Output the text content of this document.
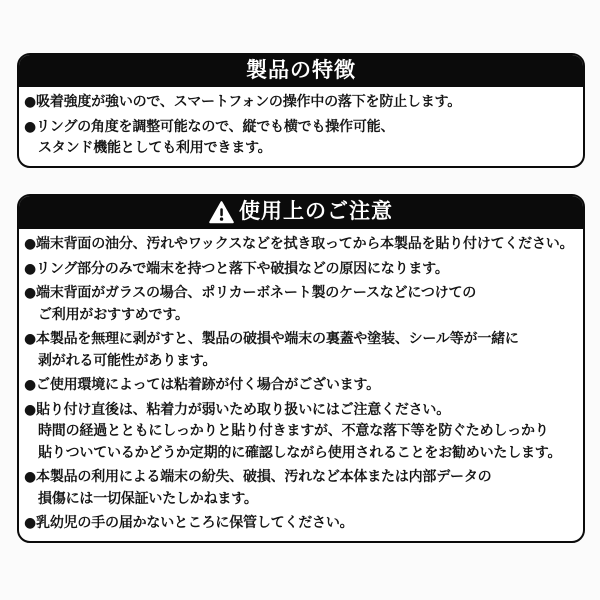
製品の特徴

●吸着強度が強いので、スマートフォンの操作中の落下を防止します。

●リングの角度を調整可能なので、縦でも横でも操作可能、

スタンド機能としても利用できます。

使用上のご注意

●端末背面の油分、汚れやワックスなどを拭き取ってから本製品を貼り付けてください。

●リング部分のみで端末を持つと落下や破損などの原因になります。

●端末背面がガラスの場合、ポリカーボネート製のケースなどにつけての

ご利用がおすすめです。

●本製品を無理に剥がすと、製品の破損や端末の裏蓋や塗装、シール等が一緒に

剥がれる可能性があります。

●ご使用環境によっては粘着跡が付く場合がございます。

●貼り付け直後は、粘着力が弱いため取り扱いにはご注意ください。

時間の経過とともにしっかりと貼り付きますが、不意な落下等を防ぐためしっかり

貼りついているかどうか定期的に確認しながら使用されることをお勧めいたします。

●本製品の利用による端末の紛失、破損、汚れなど本体または内部データの

損傷には一切保証いたしかねます。

●乳幼児の手の届かないところに保管してください。
